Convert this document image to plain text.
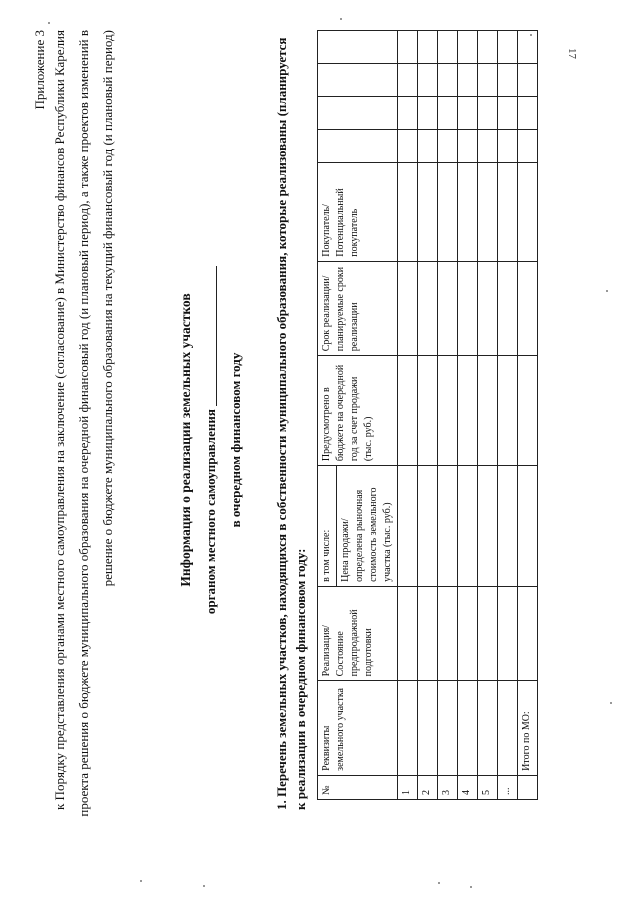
17
Приложение 3 к Порядку представления органами местного самоуправления на заключение (согласование) в Министерство финансов Республики Карелия проекта решения о бюджете муниципального образования на очередной финансовый год (и плановый период), а также проектов изменений в решение о бюджете муниципального образования на текущий финансовый год (и плановый период)	Информация о реализации земельных участков органом местного самоуправления в очередном финансовом году 1. Перечень земельных участков, находящихся в собственности муниципального образования, которые реализованы (планируется к реализации в очередном финансовом году: №	Реквизиты земельного участка	Реализация/ Состояние предпродажной подготовки	в том числе:	Предусмотрено в бюджете на очередной год за счет продажи (тыс. руб.)	Срок реализации/ планируемые сроки реализации	Покупатель/ Потенциальный покупатель				
			Цена продажи/ определена рыночная стоимость земельного участка (тыс. руб.)							
1										
2										
3										
4										
5										
...										
	Итого по МО:									
